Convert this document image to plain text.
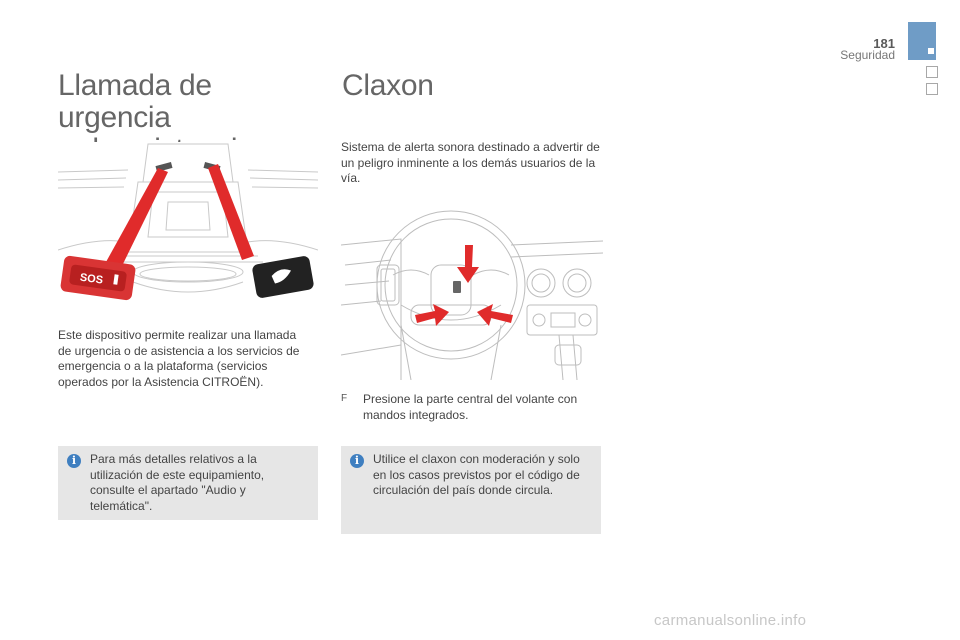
181
Seguridad
Llamada de urgencia
SOS

Este dispositivo permite realizar una llamada de urgencia o de asistencia a los servicios de emergencia o a la plataforma (servicios operados por la Asistencia CITROËN).

i	Para más detalles relativos a la utilización de este equipamiento, consulte el apartado "Audio y telemática".
Claxon

Sistema de alerta sonora destinado a advertir de un peligro inminente a los demás usuarios de la vía.

F Presione la parte central del volante con mandos integrados.
i	Utilice el claxon con moderación y solo en los casos previstos por el código de circulación del país donde circula.
carmanualsonline.info
